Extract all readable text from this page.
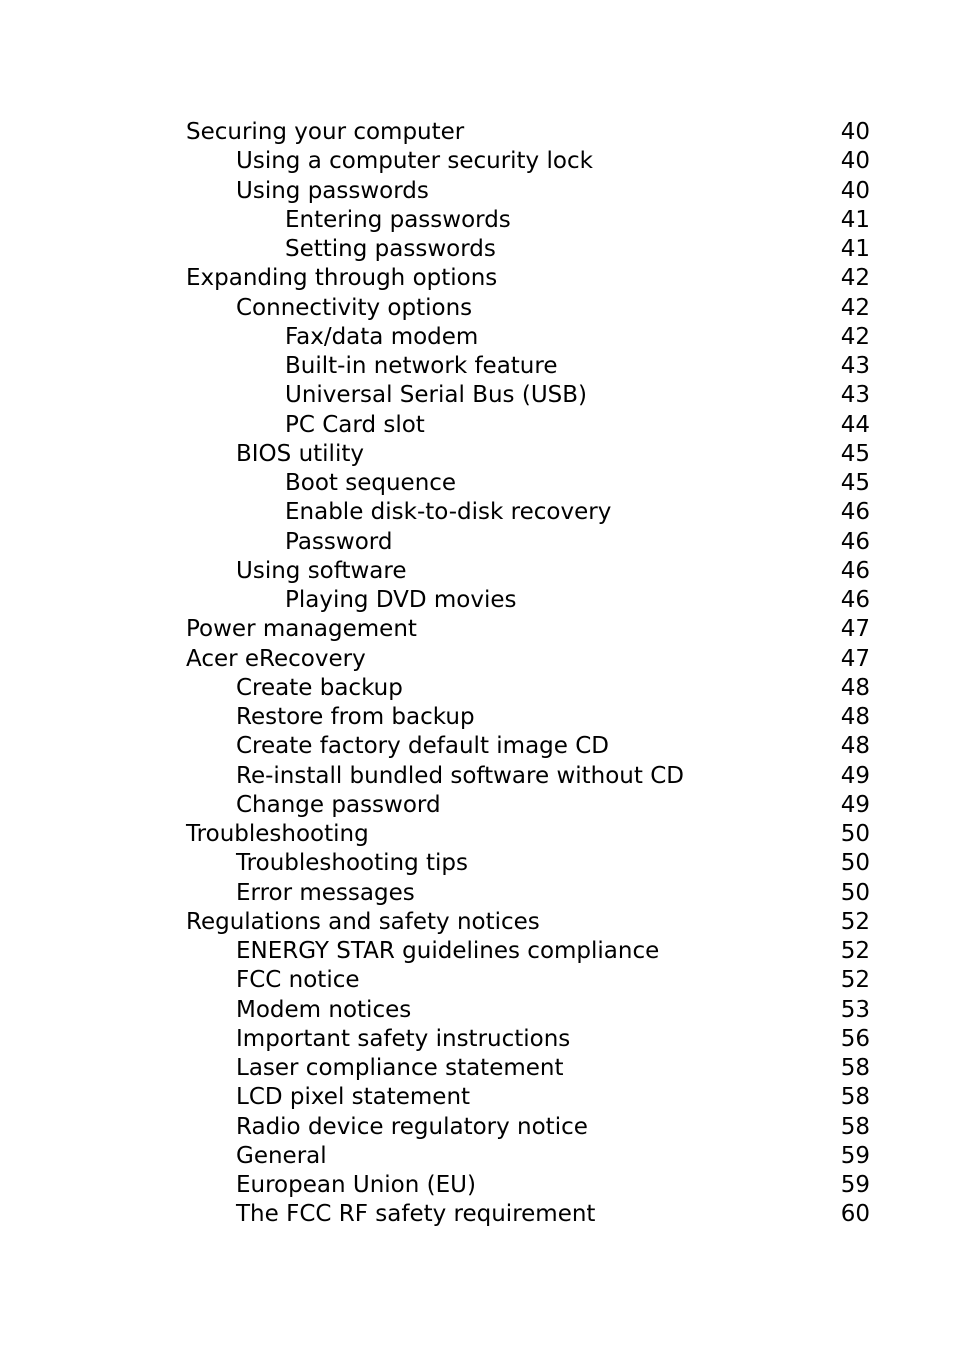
Securing your computer	40
Using a computer security lock	40
Using passwords	40
Entering passwords	41
Setting passwords	41
Expanding through options	42
Connectivity options	42
Fax/data modem	42
Built-in network feature	43
Universal Serial Bus (USB)	43
PC Card slot	44
BIOS utility	45
Boot sequence	45
Enable disk-to-disk recovery	46
Password	46
Using software	46
Playing DVD movies	46
Power management	47
Acer eRecovery	47
Create backup	48
Restore from backup	48
Create factory default image CD	48
Re-install bundled software without CD	49
Change password	49
Troubleshooting	50
Troubleshooting tips	50
Error messages	50
Regulations and safety notices	52
ENERGY STAR guidelines compliance	52
FCC notice	52
Modem notices	53
Important safety instructions	56
Laser compliance statement	58
LCD pixel statement	58
Radio device regulatory notice	58
General	59
European Union (EU)	59
The FCC RF safety requirement	60
